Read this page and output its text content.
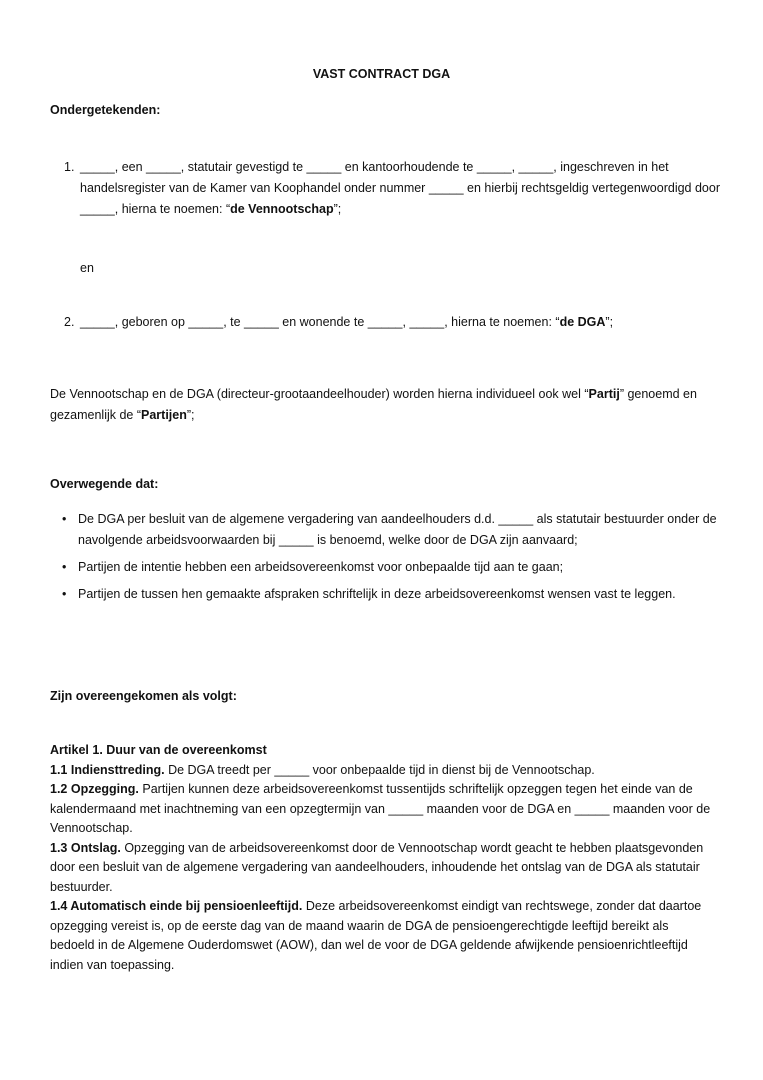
VAST CONTRACT DGA
Ondergetekenden:
1. _____, een _____, statutair gevestigd te _____ en kantoorhoudende te _____, _____, ingeschreven in het handelsregister van de Kamer van Koophandel onder nummer _____ en hierbij rechtsgeldig vertegenwoordigd door _____, hierna te noemen: “de Vennootschap”;
en
2. _____, geboren op _____, te _____ en wonende te _____, _____, hierna te noemen: “de DGA”;
De Vennootschap en de DGA (directeur-grootaandeelhouder) worden hierna individueel ook wel “Partij” genoemd en gezamenlijk de “Partijen”;
Overwegende dat:
• De DGA per besluit van de algemene vergadering van aandeelhouders d.d. _____ als statutair bestuurder onder de navolgende arbeidsvoorwaarden bij _____ is benoemd, welke door de DGA zijn aanvaard;
• Partijen de intentie hebben een arbeidsovereenkomst voor onbepaalde tijd aan te gaan;
• Partijen de tussen hen gemaakte afspraken schriftelijk in deze arbeidsovereenkomst wensen vast te leggen.
Zijn overeengekomen als volgt:
Artikel 1. Duur van de overeenkomst
1.1 Indiensttreding. De DGA treedt per _____ voor onbepaalde tijd in dienst bij de Vennootschap.
1.2 Opzegging. Partijen kunnen deze arbeidsovereenkomst tussentijds schriftelijk opzeggen tegen het einde van de kalendermaand met inachtneming van een opzegtermijn van _____ maanden voor de DGA en _____ maanden voor de Vennootschap.
1.3 Ontslag. Opzegging van de arbeidsovereenkomst door de Vennootschap wordt geacht te hebben plaatsgevonden door een besluit van de algemene vergadering van aandeelhouders, inhoudende het ontslag van de DGA als statutair bestuurder.
1.4 Automatisch einde bij pensioenleeftijd. Deze arbeidsovereenkomst eindigt van rechtswege, zonder dat daartoe opzegging vereist is, op de eerste dag van de maand waarin de DGA de pensioengerechtigde leeftijd bereikt als bedoeld in de Algemene Ouderdomswet (AOW), dan wel de voor de DGA geldende afwijkende pensioenrichtleeftijd indien van toepassing.
